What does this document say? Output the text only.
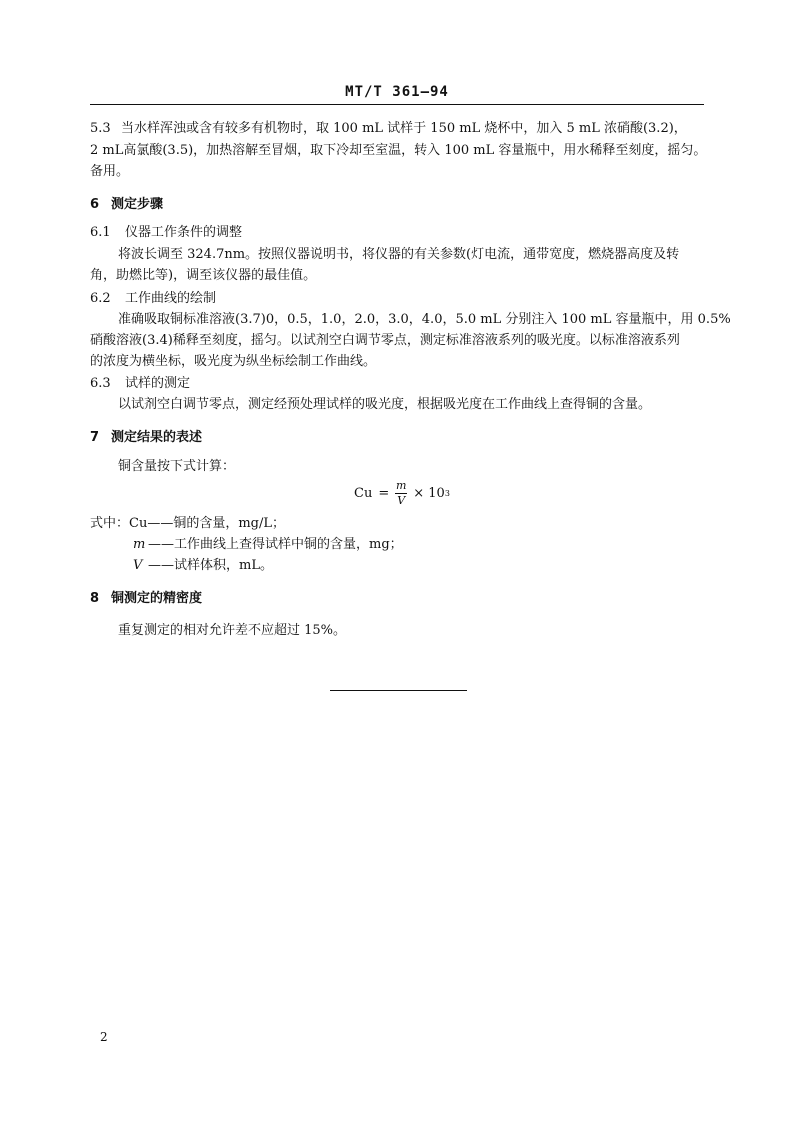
MT/T 361—94
5.3 当水样浑浊或含有较多有机物时，取 100 mL 试样于 150 mL 烧杯中，加入 5 mL 浓硝酸(3.2)，
2 mL高氯酸(3.5)，加热溶解至冒烟，取下冷却至室温，转入 100 mL 容量瓶中，用水稀释至刻度，摇匀。
备用。
6 测定步骤
6.1 仪器工作条件的调整
将波长调至 324.7nm。按照仪器说明书，将仪器的有关参数(灯电流，通带宽度，燃烧器高度及转
角，助燃比等)，调至该仪器的最佳值。
6.2 工作曲线的绘制
准确吸取铜标准溶液(3.7)0，0.5，1.0，2.0，3.0，4.0，5.0 mL 分别注入 100 mL 容量瓶中，用 0.5%
硝酸溶液(3.4)稀释至刻度，摇匀。以试剂空白调节零点，测定标准溶液系列的吸光度。以标准溶液系列
的浓度为横坐标，吸光度为纵坐标绘制工作曲线。
6.3 试样的测定
以试剂空白调节零点，测定经预处理试样的吸光度，根据吸光度在工作曲线上查得铜的含量。
7 测定结果的表述
铜含量按下式计算：
$Cu = \frac{m}{V} \times 10$ 3
式中：Cu——铜的含量，mg/L；
m ——工作曲线上查得试样中铜的含量，mg；
V ——试样体积，mL。
8 铜测定的精密度
重复测定的相对允许差不应超过 15%。
2
